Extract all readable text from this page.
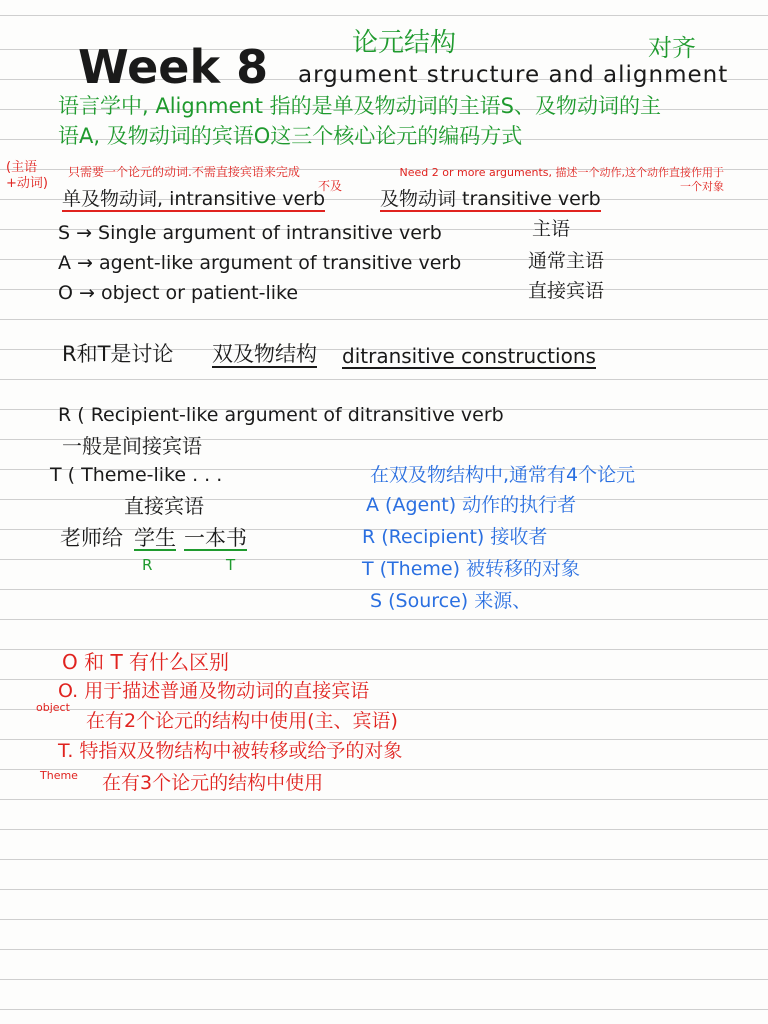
Week 8	论元结构	对齐
argument structure and alignment
语言学中, Alignment 指的是单及物动词的主语S、及物动词的主
语A, 及物动词的宾语O这三个核心论元的编码方式
(主语+动词)
只需要一个论元的动词.不需直接宾语来完成
单及物动词, intransitive verb
不及
Need 2 or more arguments, 描述一个动作,这个动作直接作用于一个对象
及物动词 transitive verb
S → Single argument of intransitive verb	主语
A → agent-like argument of transitive verb	通常主语
O → object or patient-like	直接宾语
R和T是讨论 双及物结构 ditransitive constructions
R ( Recipient-like argument of ditransitive verb
一般是间接宾语
T ( Theme-like . . .
直接宾语
老师给 学生 一本书
R	T
在双及物结构中,通常有4个论元
A (Agent) 动作的执行者
R (Recipient) 接收者
T (Theme) 被转移的对象
S (Source) 来源、
O 和 T 有什么区别
O. 用于描述普通及物动词的直接宾语
object
在有2个论元的结构中使用(主、宾语)
T. 特指双及物结构中被转移或给予的对象
Theme 在有3个论元的结构中使用
